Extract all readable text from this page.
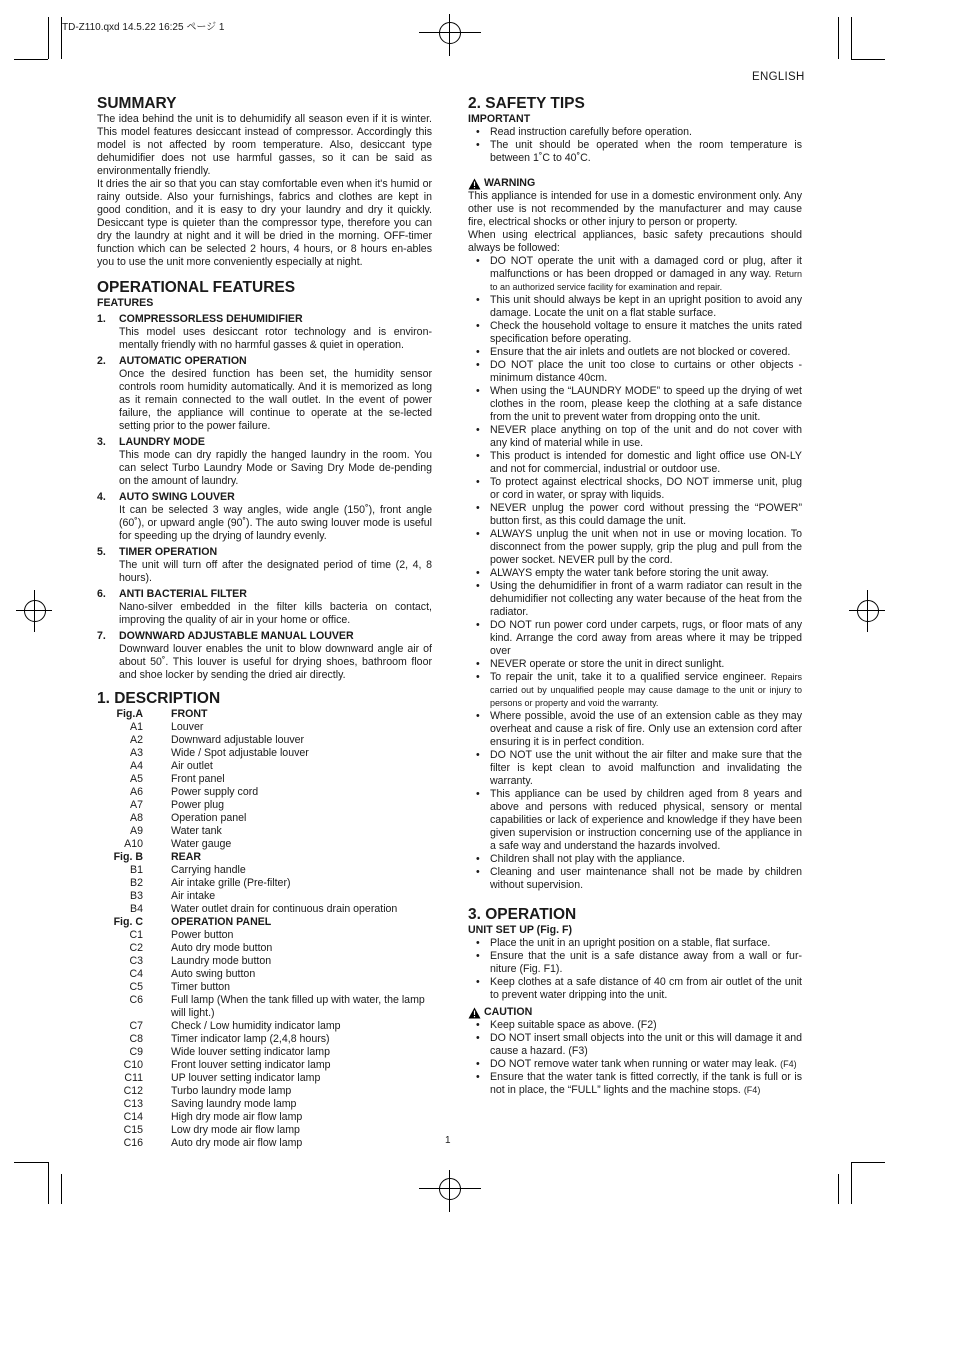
TD-Z110.qxd 14.5.22 16:25 ページ 1
ENGLISH
1
SUMMARY

The idea behind the unit is to dehumidify all season even if it is winter. This model features desiccant instead of compressor. Accordingly this model is not affected by room temperature. Also, desiccant type dehumidifier does not use harmful gasses, so it can be said as environmentally friendly.

It dries the air so that you can stay comfortable even when it's humid or rainy outside. Also your furnishings, fabrics and clothes are kept in good condition, and it is easy to dry your laundry and dry it quickly. Desiccant type is quieter than the compressor type, therefore you can dry the laundry at night and it will be dried in the morning. OFF-timer function which can be selected 2 hours, 4 hours, or 8 hours en-ables you to use the unit more conveniently especially at night.

OPERATIONAL FEATURES
FEATURES
1.	COMPRESSORLESS DEHUMIDIFIER
This model uses desiccant rotor technology and is environ-mentally friendly with no harmful gasses & quiet in operation.
2.	AUTOMATIC OPERATION
Once the desired function has been set, the humidity sensor controls room humidity automatically. And it is memorized as long as it remain connected to the wall outlet. In the event of power failure, the appliance will continue to operate at the se-lected setting prior to the power failure.
3.	LAUNDRY MODE
This mode can dry rapidly the hanged laundry in the room. You can select Turbo Laundry Mode or Saving Dry Mode de-pending on the amount of laundry.
4.	AUTO SWING LOUVER
It can be selected 3 way angles, wide angle (150˚), front angle (60˚), or upward angle (90˚). The auto swing louver mode is useful for speeding up the drying of laundry evenly.
5.	TIMER OPERATION
The unit will turn off after the designated period of time (2, 4, 8 hours).
6.	ANTI BACTERIAL FILTER
Nano-silver embedded in the filter kills bacteria on contact, improving the quality of air in your home or office.
7.	DOWNWARD ADJUSTABLE MANUAL LOUVER
Downward louver enables the unit to blow downward angle air of about 50˚. This louver is useful for drying shoes, bathroom floor and shoe locker by sending the dried air directly.
1. DESCRIPTION
Fig.A	FRONT
A1	Louver
A2	Downward adjustable louver
A3	Wide / Spot adjustable louver
A4	Air outlet
A5	Front panel
A6	Power supply cord
A7	Power plug
A8	Operation panel
A9	Water tank
A10	Water gauge
Fig. B	REAR
B1	Carrying handle
B2	Air intake grille (Pre-filter)
B3	Air intake
B4	Water outlet drain for continuous drain operation
Fig. C	OPERATION PANEL
C1	Power button
C2	Auto dry mode button
C3	Laundry mode button
C4	Auto swing button
C5	Timer button
C6	Full lamp (When the tank filled up with water, the lamp will light.)
C7	Check / Low humidity indicator lamp
C8	Timer indicator lamp (2,4,8 hours)
C9	Wide louver setting indicator lamp
C10	Front louver setting indicator lamp
C11	UP louver setting indicator lamp
C12	Turbo laundry mode lamp
C13	Saving laundry mode lamp
C14	High dry mode air flow lamp
C15	Low dry mode air flow lamp
C16	Auto dry mode air flow lamp
2. SAFETY TIPS
IMPORTANT
• Read instruction carefully before operation.
• The unit should be operated when the room temperature is between 1˚C to 40˚C.
WARNING

This appliance is intended for use in a domestic environment only. Any other use is not recommended by the manufacturer and may cause fire, electrical shocks or other injury to person or property.

When using electrical appliances, basic safety precautions should always be followed:

• DO NOT operate the unit with a damaged cord or plug, after it malfunctions or has been dropped or damaged in any way. Return to an authorized service facility for examination and repair.
• This unit should always be kept in an upright position to avoid any damage. Locate the unit on a flat stable surface.
• Check the household voltage to ensure it matches the units rated specification before operating.
• Ensure that the air inlets and outlets are not blocked or covered.
• DO NOT place the unit too close to curtains or other objects - minimum distance 40cm.
• When using the “LAUNDRY MODE” to speed up the drying of wet clothes in the room, please keep the clothing at a safe distance from the unit to prevent water from dropping onto the unit.
• NEVER place anything on top of the unit and do not cover with any kind of material while in use.
• This product is intended for domestic and light office use ON-LY and not for commercial, industrial or outdoor use.
• To protect against electrical shocks, DO NOT immerse unit, plug or cord in water, or spray with liquids.
• NEVER unplug the power cord without pressing the “POWER” button first, as this could damage the unit.
• ALWAYS unplug the unit when not in use or moving location. To disconnect from the power supply, grip the plug and pull from the power socket. NEVER pull by the cord.
• ALWAYS empty the water tank before storing the unit away.
• Using the dehumidifier in front of a warm radiator can result in the dehumidifier not collecting any water because of the heat from the radiator.
• DO NOT run power cord under carpets, rugs, or floor mats of any kind. Arrange the cord away from areas where it may be tripped over
• NEVER operate or store the unit in direct sunlight.
• To repair the unit, take it to a qualified service engineer. Repairs carried out by unqualified people may cause damage to the unit or injury to persons or property and void the warranty.
• Where possible, avoid the use of an extension cable as they may overheat and cause a risk of fire. Only use an extension cord after ensuring it is in perfect condition.
• DO NOT use the unit without the air filter and make sure that the filter is kept clean to avoid malfunction and invalidating the warranty.
• This appliance can be used by children aged from 8 years and above and persons with reduced physical, sensory or mental capabilities or lack of experience and knowledge if they have been given supervision or instruction concerning use of the appliance in a safe way and understand the hazards involved.
• Children shall not play with the appliance.
• Cleaning and user maintenance shall not be made by children without supervision.
3. OPERATION
UNIT SET UP (Fig. F)
• Place the unit in an upright position on a stable, flat surface.
• Ensure that the unit is a safe distance away from a wall or fur-niture (Fig. F1).
• Keep clothes at a safe distance of 40 cm from air outlet of the unit to prevent water dripping into the unit.
CAUTION
• Keep suitable space as above. (F2)
• DO NOT insert small objects into the unit or this will damage it and cause a hazard. (F3)
• DO NOT remove water tank when running or water may leak. (F4)
• Ensure that the water tank is fitted correctly, if the tank is full or is not in place, the “FULL” lights and the machine stops. (F4)
